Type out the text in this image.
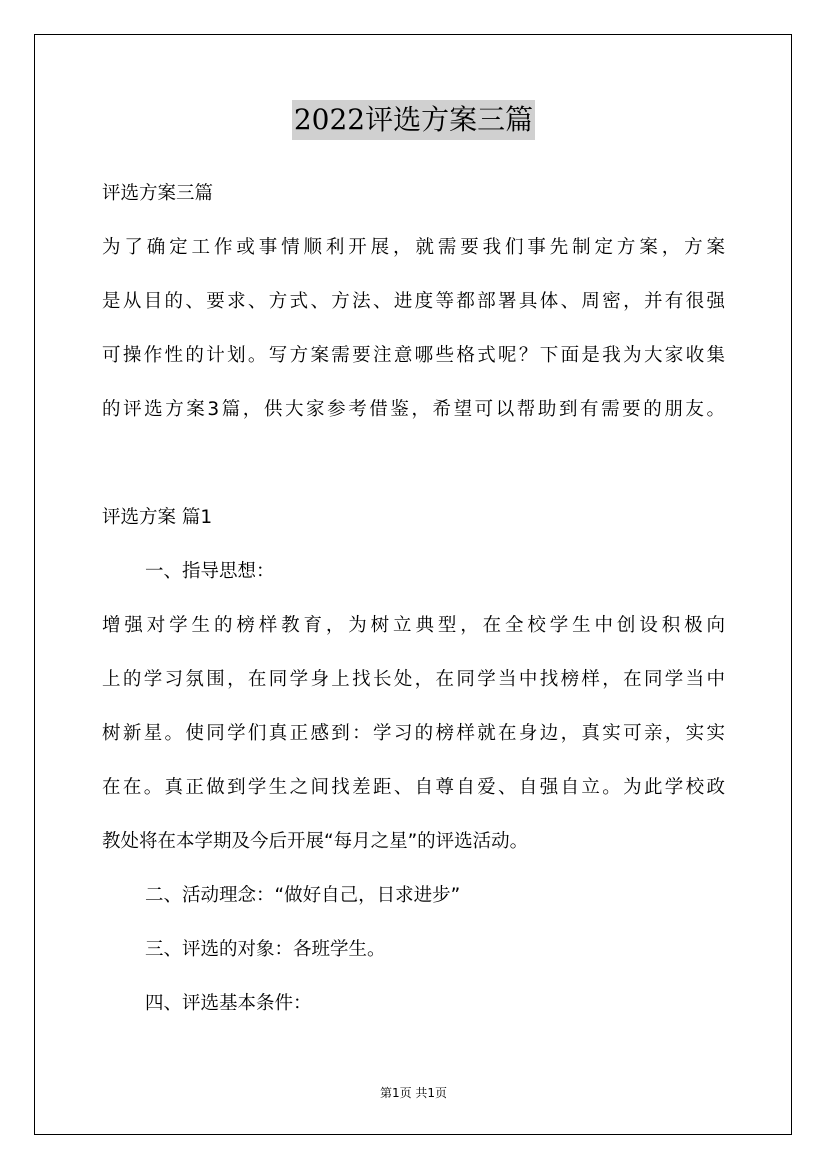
2022评选方案三篇
评选方案三篇
为了确定工作或事情顺利开展，就需要我们事先制定方案，方案
是从目的、要求、方式、方法、进度等都部署具体、周密，并有很强
可操作性的计划。写方案需要注意哪些格式呢？下面是我为大家收集
的评选方案3篇，供大家参考借鉴，希望可以帮助到有需要的朋友。
评选方案 篇1
一、指导思想：
增强对学生的榜样教育，为树立典型，在全校学生中创设积极向
上的学习氛围，在同学身上找长处，在同学当中找榜样，在同学当中
树新星。使同学们真正感到：学习的榜样就在身边，真实可亲，实实
在在。真正做到学生之间找差距、自尊自爱、自强自立。为此学校政
教处将在本学期及今后开展“每月之星”的评选活动。
二、活动理念：“做好自己，日求进步”
三、评选的对象：各班学生。
四、评选基本条件：
第1页 共1页
